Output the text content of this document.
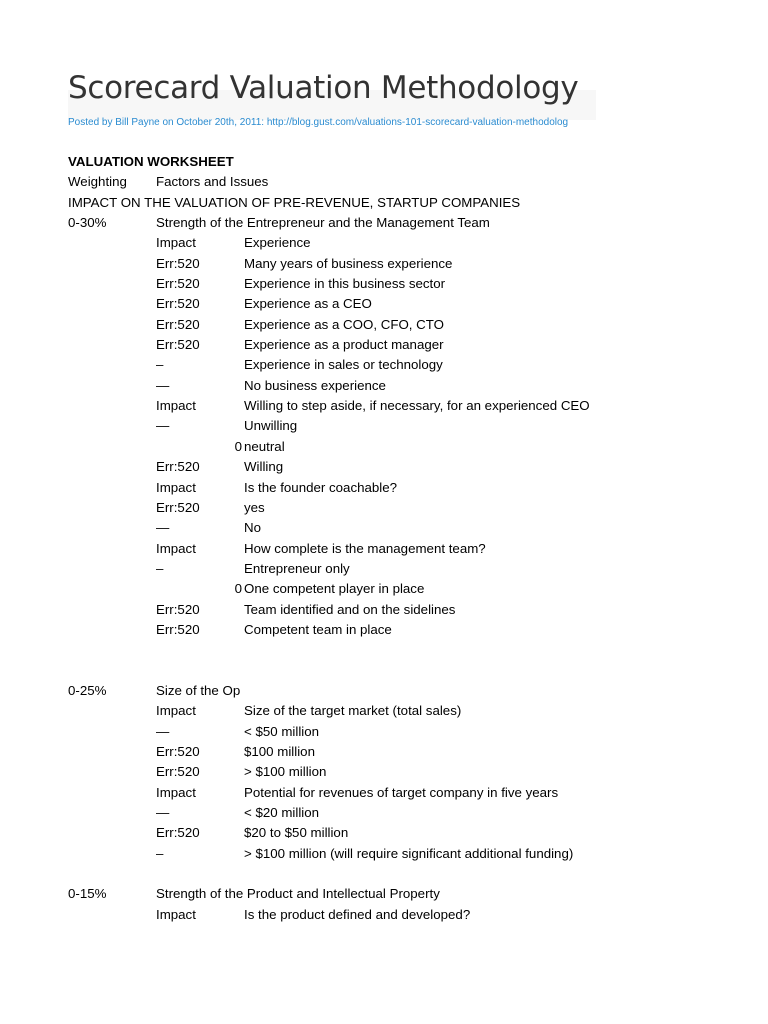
Scorecard Valuation Methodology
Posted by Bill Payne on October 20th, 2011: http://blog.gust.com/valuations-101-scorecard-valuation-methodolog
VALUATION WORKSHEET
Weighting Factors and Issues
IMPACT ON THE VALUATION OF PRE-REVENUE, STARTUP COMPANIES
0-30%	Strength of the Entrepreneur and the Management Team
Impact	Experience
Err:520	Many years of business experience
Err:520	Experience in this business sector
Err:520	Experience as a CEO
Err:520	Experience as a COO, CFO, CTO
Err:520	Experience as a product manager
–	Experience in sales or technology
—	No business experience
Impact	Willing to step aside, if necessary, for an experienced CEO
—	Unwilling
0 neutral
Err:520	Willing
Impact	Is the founder coachable?
Err:520	yes
—	No
Impact	How complete is the management team?
–	Entrepreneur only
0 One competent player in place
Err:520	Team identified and on the sidelines
Err:520	Competent team in place
0-25%	Size of the Op
Impact	Size of the target market (total sales)
—	< $50 million
Err:520	$100 million
Err:520	> $100 million
Impact	Potential for revenues of target company in five years
—	< $20 million
Err:520	$20 to $50 million
–	> $100 million (will require significant additional funding)
0-15%	Strength of the Product and Intellectual Property
Impact	Is the product defined and developed?
